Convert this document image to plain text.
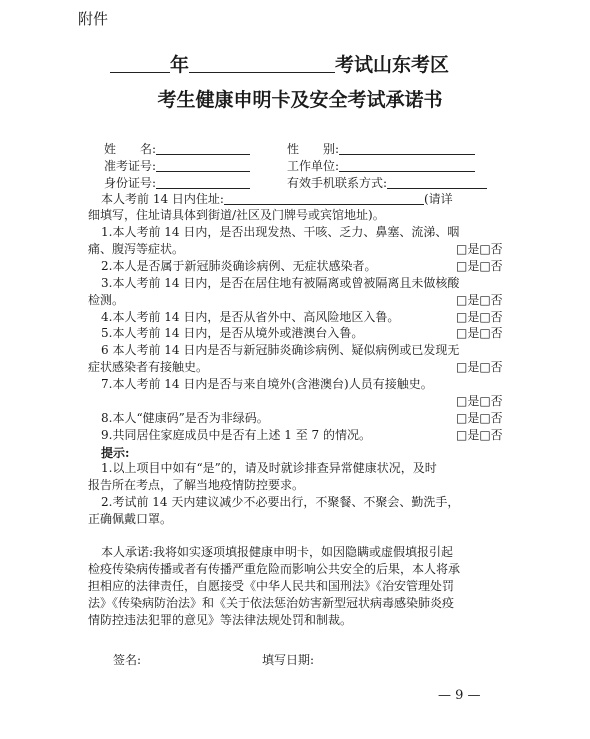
附件
年	考试山东考区
考生健康申明卡及安全考试承诺书
姓　　名:	性　　别:
准考证号:	工作单位:
身份证号:	有效手机联系方式:
本人考前 14 日内住址:	(请详
细填写，住址请具体到街道/社区及门牌号或宾馆地址)。
1.本人考前 14 日内，是否出现发热、干咳、乏力、鼻塞、流涕、咽
痛、腹泻等症状。	□是□否
2.本人是否属于新冠肺炎确诊病例、无症状感染者。	□是□否
3.本人考前 14 日内，是否在居住地有被隔离或曾被隔离且未做核酸
检测。	□是□否
4.本人考前 14 日内，是否从省外中、高风险地区入鲁。	□是□否
5.本人考前 14 日内，是否从境外或港澳台入鲁。	□是□否
6 本人考前 14 日内是否与新冠肺炎确诊病例、疑似病例或已发现无
症状感染者有接触史。	□是□否
7.本人考前 14 日内是否与来自境外(含港澳台)人员有接触史。
□是□否
8.本人“健康码”是否为非绿码。	□是□否
9.共同居住家庭成员中是否有上述 1 至 7 的情况。	□是□否
提示:
1.以上项目中如有“是”的，请及时就诊排查异常健康状况，及时
报告所在考点，了解当地疫情防控要求。
2.考试前 14 天内建议减少不必要出行，不聚餐、不聚会、勤洗手，
正确佩戴口罩。
本人承诺:我将如实逐项填报健康申明卡，如因隐瞒或虚假填报引起
检疫传染病传播或者有传播严重危险而影响公共安全的后果，本人将承
担相应的法律责任，自愿接受《中华人民共和国刑法》《治安管理处罚
法》《传染病防治法》和《关于依法惩治妨害新型冠状病毒感染肺炎疫
情防控违法犯罪的意见》等法律法规处罚和制裁。
签名:	填写日期:
— 9 —
